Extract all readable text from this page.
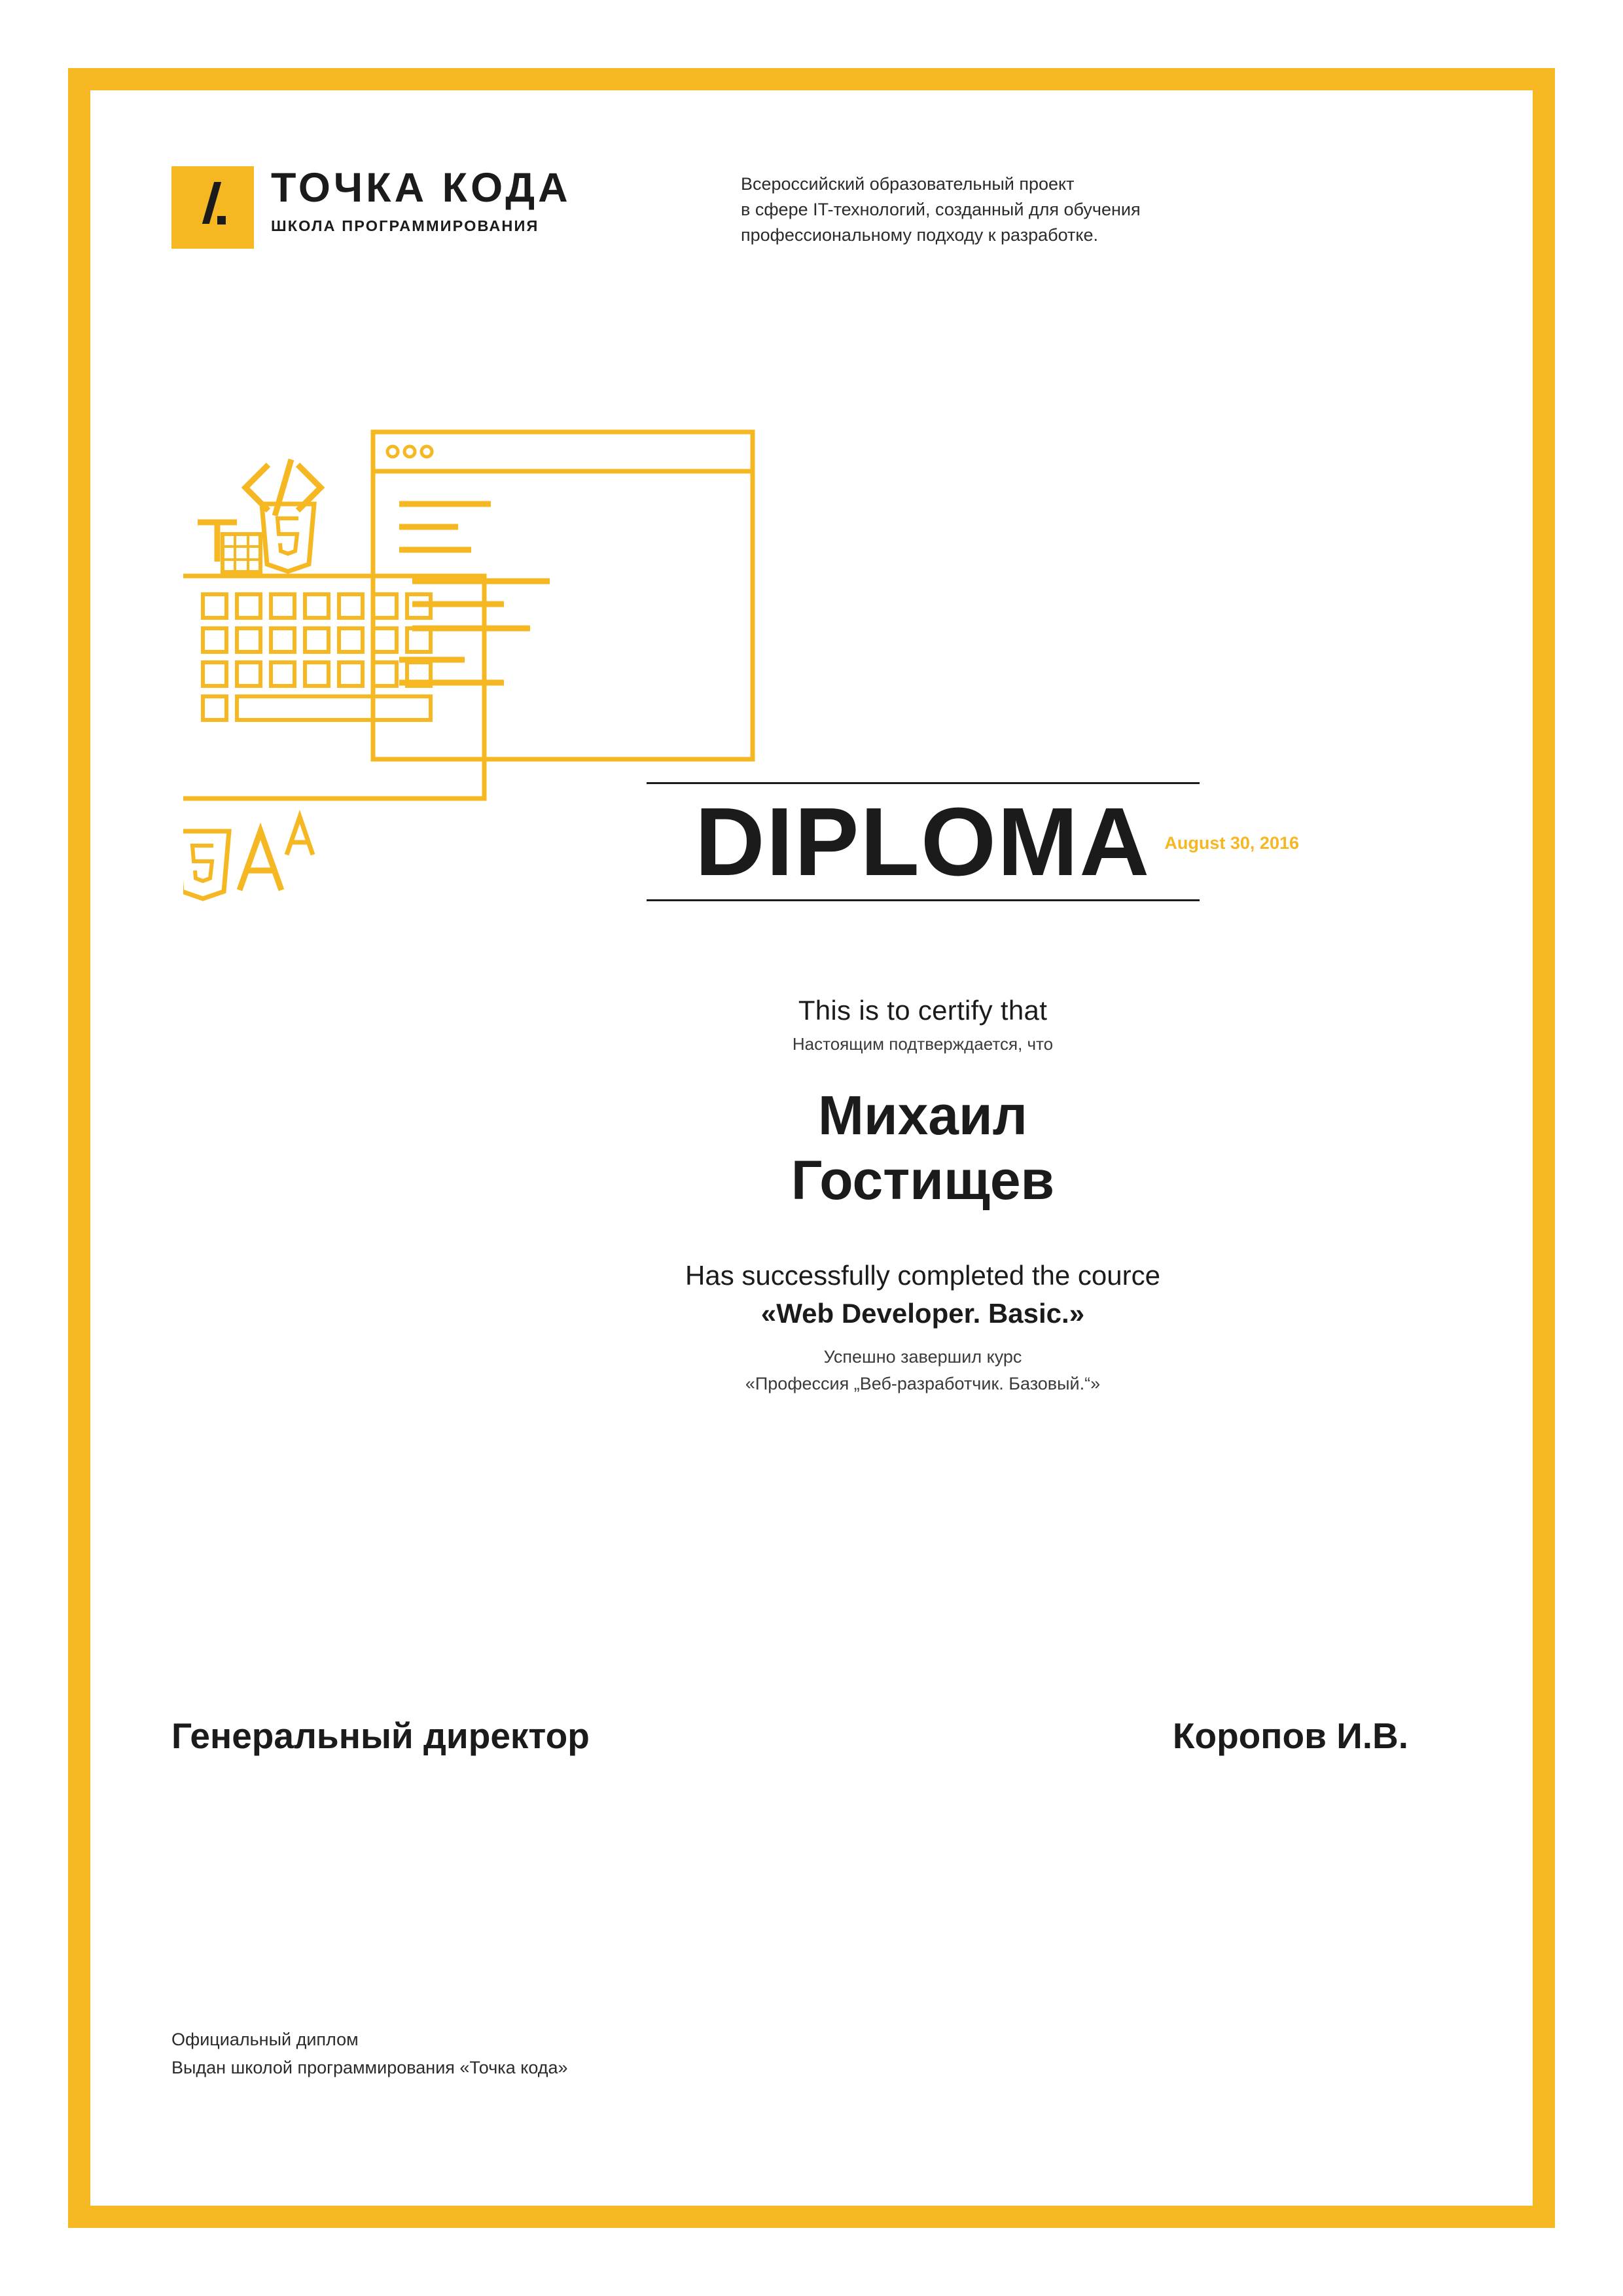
ТОЧКА КОДА
ШКОЛА ПРОГРАММИРОВАНИЯ
Всероссийский образовательный проект
в сфере IT-технологий, созданный для обучения
профессиональному подходу к разработке.
DIPLOMA August 30, 2016
This is to certify that
Настоящим подтверждается, что
Михаил
Гостищев
Has successfully completed the cource
«Web Developer. Basic.»
Успешно завершил курс
«Профессия „Веб-разработчик. Базовый.“»
Генеральный директор	Коропов И.В.
Официальный диплом
Выдан школой программирования «Точка кода»
